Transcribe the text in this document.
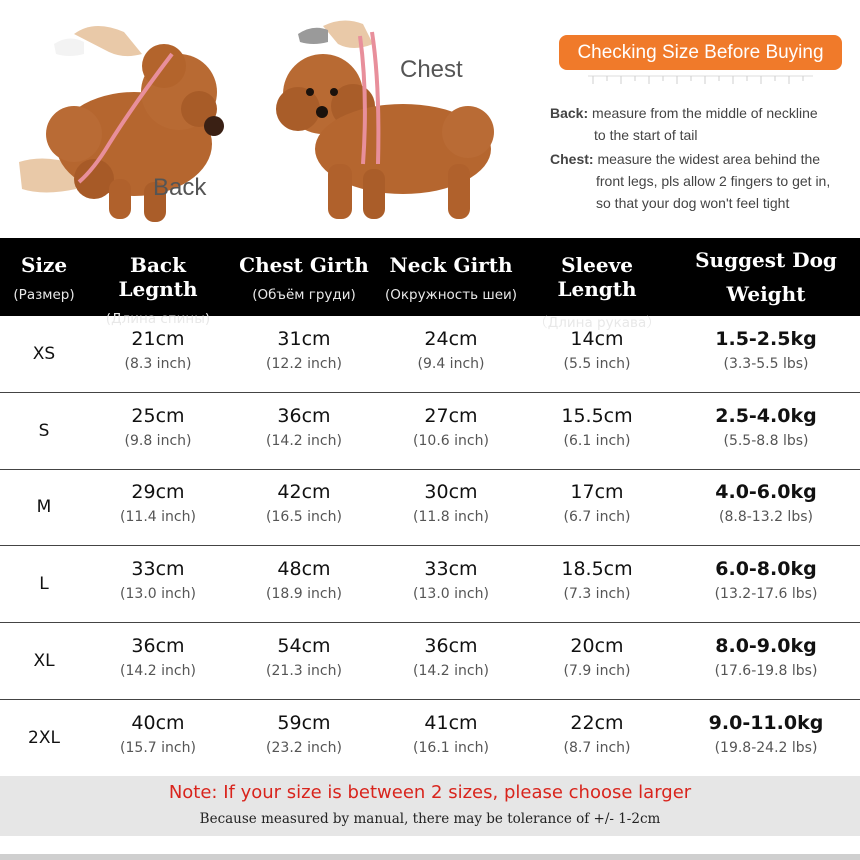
Back
Chest
Checking Size Before Buying
Back: measure from the middle of neckline
to the start of tail
Chest: measure the widest area behind the
front legs, pls allow 2 fingers to get in,
so that your dog won't feel tight
Size
(Размер)
Back Legnth
(Длина спины)
Chest Girth
(Объём груди)
Neck Girth
(Окружность шеи)
Sleeve Length
（Длина рукава）
Suggest Dog
Weight
XS
21cm
(8.3 inch)
31cm
(12.2 inch)
24cm
(9.4 inch)
14cm
(5.5 inch)
1.5-2.5kg
(3.3-5.5 lbs)
S
25cm
(9.8 inch)
36cm
(14.2 inch)
27cm
(10.6 inch)
15.5cm
(6.1 inch)
2.5-4.0kg
(5.5-8.8 lbs)
M
29cm
(11.4 inch)
42cm
(16.5 inch)
30cm
(11.8 inch)
17cm
(6.7 inch)
4.0-6.0kg
(8.8-13.2 lbs)
L
33cm
(13.0 inch)
48cm
(18.9 inch)
33cm
(13.0 inch)
18.5cm
(7.3 inch)
6.0-8.0kg
(13.2-17.6 lbs)
XL
36cm
(14.2 inch)
54cm
(21.3 inch)
36cm
(14.2 inch)
20cm
(7.9 inch)
8.0-9.0kg
(17.6-19.8 lbs)
2XL
40cm
(15.7 inch)
59cm
(23.2 inch)
41cm
(16.1 inch)
22cm
(8.7 inch)
9.0-11.0kg
(19.8-24.2 lbs)
Note: If your size is between 2 sizes, please choose larger
Because measured by manual, there may be tolerance of +/- 1-2cm
